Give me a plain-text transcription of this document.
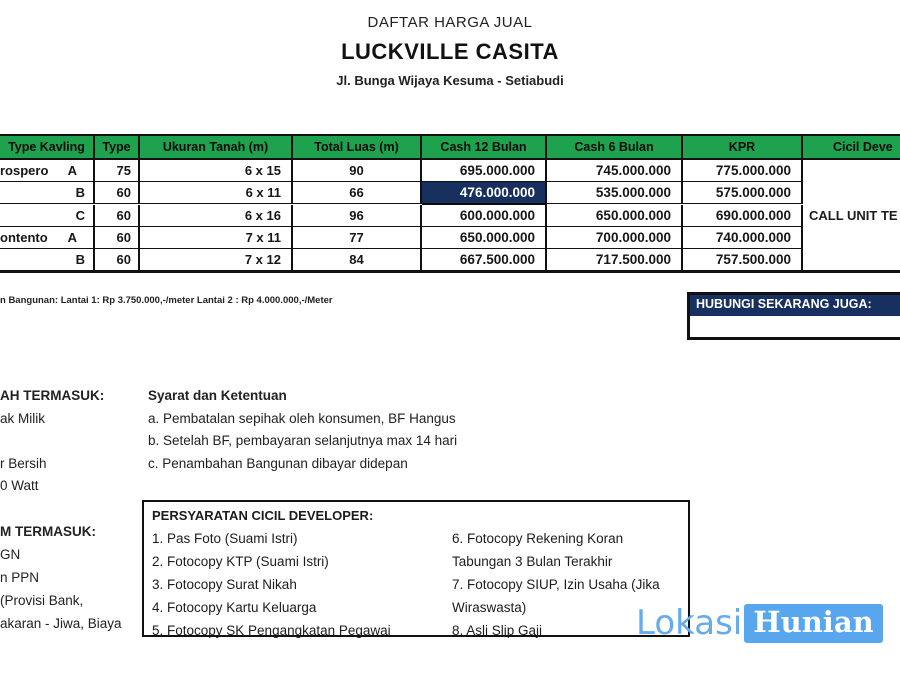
DAFTAR HARGA JUAL
LUCKVILLE CASITA
Jl. Bunga Wijaya Kesuma - Setiabudi
Type Kavling	Type	Ukuran Tanah (m)	Total Luas (m)	Cash 12 Bulan	Cash 6 Bulan	KPR	Cicil Deve
CALL UNIT TE
rospero A	75	6 x 15	90	695.000.000	745.000.000	775.000.000
B	60	6 x 11	66	476.000.000	535.000.000	575.000.000
C	60	6 x 16	96	600.000.000	650.000.000	690.000.000
ontento A	60	7 x 11	77	650.000.000	700.000.000	740.000.000
B	60	7 x 12	84	667.500.000	717.500.000	757.500.000
n Bangunan: Lantai 1: Rp 3.750.000,-/meter Lantai 2 : Rp 4.000.000,-/Meter	HUBUNGI SEKARANG JUGA:
AH TERMASUK:
ak Milik

r Bersih
0 Watt
Syarat dan Ketentuan
a. Pembatalan sepihak oleh konsumen, BF Hangus
b. Setelah BF, pembayaran selanjutnya max 14 hari
c. Penambahan Bangunan dibayar didepan
M TERMASUK:
GN
n PPN
(Provisi Bank,
akaran - Jiwa, Biaya
PERSYARATAN CICIL DEVELOPER:
1. Pas Foto (Suami Istri)
2. Fotocopy KTP (Suami Istri)
3. Fotocopy Surat Nikah
4. Fotocopy Kartu Keluarga
5. Fotocopy SK Pengangkatan Pegawai
6. Fotocopy Rekening Koran
Tabungan 3 Bulan Terakhir
7. Fotocopy SIUP, Izin Usaha (Jika
Wiraswasta)
8. Asli Slip Gaji	Lokasi Hunian
